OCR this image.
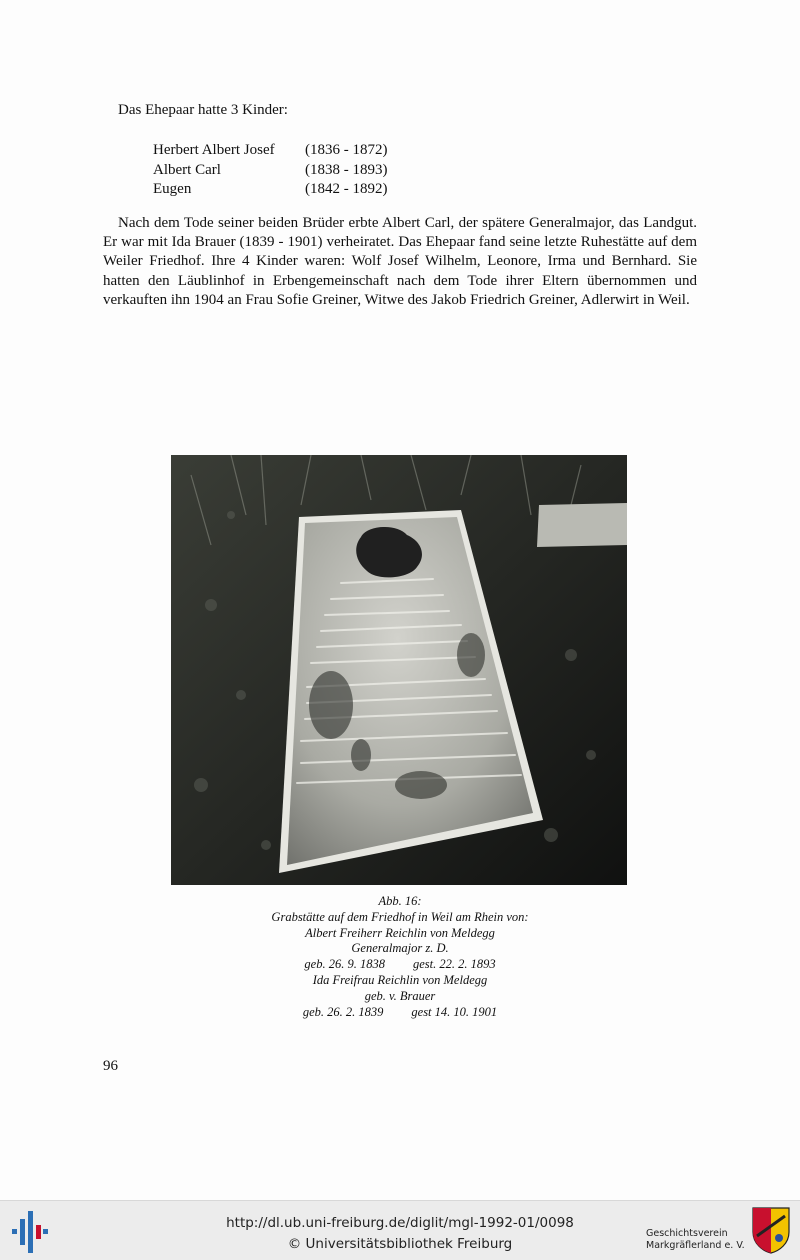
Das Ehepaar hatte 3 Kinder:
Herbert Albert Josef	(1836 - 1872)
Albert Carl	(1838 - 1893)
Eugen	(1842 - 1892)
Nach dem Tode seiner beiden Brüder erbte Albert Carl, der spätere Generalmajor, das Landgut. Er war mit Ida Brauer (1839 - 1901) verheiratet. Das Ehepaar fand seine letzte Ruhestätte auf dem Weiler Friedhof. Ihre 4 Kinder waren: Wolf Josef Wilhelm, Leonore, Irma und Bernhard. Sie hatten den Läublinhof in Erbengemeinschaft nach dem Tode ihrer Eltern übernommen und verkauften ihn 1904 an Frau Sofie Greiner, Witwe des Jakob Friedrich Greiner, Adlerwirt in Weil.
Abb. 16:
Grabstätte auf dem Friedhof in Weil am Rhein von:
Albert Freiherr Reichlin von Meldegg
Generalmajor z. D.
geb. 26. 9. 1838 gest. 22. 2. 1893
Ida Freifrau Reichlin von Meldegg
geb. v. Brauer
geb. 26. 2. 1839 gest 14. 10. 1901
96
http://dl.ub.uni-freiburg.de/diglit/mgl-1992-01/0098
© Universitätsbibliothek Freiburg
Geschichtsverein
Markgräflerland e. V.
